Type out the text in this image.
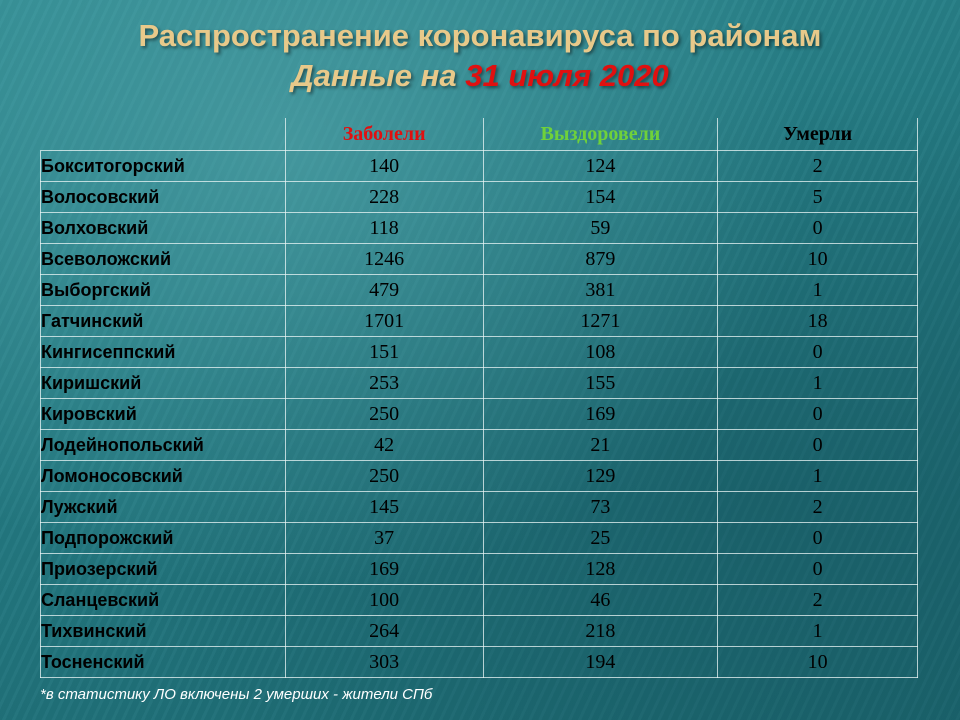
Распространение коронавируса по районам
Данные на 31 июля 2020
	Заболели	Выздоровели	Умерли
Бокситогорский	140	124	2
Волосовский	228	154	5
Волховский	118	59	0
Всеволожский	1246	879	10
Выборгский	479	381	1
Гатчинский	1701	1271	18
Кингисеппский	151	108	0
Киришский	253	155	1
Кировский	250	169	0
Лодейнопольский	42	21	0
Ломоносовский	250	129	1
Лужский	145	73	2
Подпорожский	37	25	0
Приозерский	169	128	0
Сланцевский	100	46	2
Тихвинский	264	218	1
Тосненский	303	194	10
*в статистику ЛО включены 2 умерших - жители СПб
